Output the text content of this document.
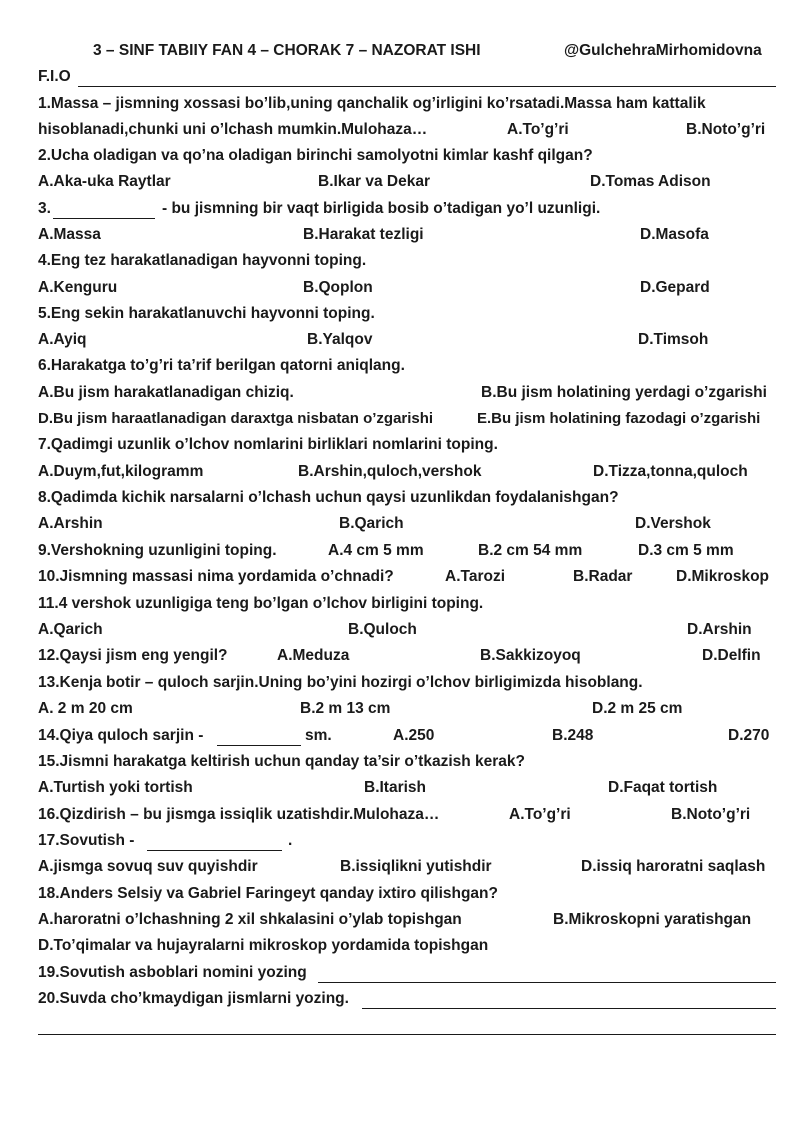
3 – SINF TABIIY FAN 4 – CHORAK 7 – NAZORAT ISHI	@GulchehraMirhomidovna
F.I.O
1.Massa – jismning xossasi bo’lib,uning qanchalik og’irligini ko’rsatadi.Massa ham kattalik
hisoblanadi,chunki uni o’lchash mumkin.Mulohaza…	A.To’g’ri	B.Noto’g’ri
2.Ucha oladigan va qo’na oladigan birinchi samolyotni kimlar kashf qilgan?
A.Aka-uka Raytlar	B.Ikar va Dekar	D.Tomas Adison
3.	- bu jismning bir vaqt birligida bosib o’tadigan yo’l uzunligi.
A.Massa	B.Harakat tezligi	D.Masofa
4.Eng tez harakatlanadigan hayvonni toping.
A.Kenguru	B.Qoplon	D.Gepard
5.Eng sekin harakatlanuvchi hayvonni toping.
A.Ayiq	B.Yalqov	D.Timsoh
6.Harakatga to’g’ri ta’rif berilgan qatorni aniqlang.
A.Bu jism harakatlanadigan chiziq.	B.Bu jism holatining yerdagi o’zgarishi
D.Bu jism haraatlanadigan daraxtga nisbatan o’zgarishi	E.Bu jism holatining fazodagi o’zgarishi
7.Qadimgi uzunlik o’lchov nomlarini birliklari nomlarini toping.
A.Duym,fut,kilogramm	B.Arshin,quloch,vershok	D.Tizza,tonna,quloch
8.Qadimda kichik narsalarni o’lchash uchun qaysi uzunlikdan foydalanishgan?
A.Arshin	B.Qarich	D.Vershok
9.Vershokning uzunligini toping.	A.4 cm 5 mm	B.2 cm 54 mm	D.3 cm 5 mm
10.Jismning massasi nima yordamida o’chnadi?	A.Tarozi	B.Radar	D.Mikroskop
11.4 vershok uzunligiga teng bo’lgan o’lchov birligini toping.
A.Qarich	B.Quloch	D.Arshin
12.Qaysi jism eng yengil?	A.Meduza	B.Sakkizoyoq	D.Delfin
13.Kenja botir – quloch sarjin.Uning bo’yini hozirgi o’lchov birligimizda hisoblang.
A. 2 m 20 cm	B.2 m 13 cm	D.2 m 25 cm
14.Qiya quloch sarjin -	sm.	A.250	B.248	D.270
15.Jismni harakatga keltirish uchun qanday ta’sir o’tkazish kerak?
A.Turtish yoki tortish	B.Itarish	D.Faqat tortish
16.Qizdirish – bu jismga issiqlik uzatishdir.Mulohaza…	A.To’g’ri	B.Noto’g’ri
17.Sovutish -	.
A.jismga sovuq suv quyishdir	B.issiqlikni yutishdir	D.issiq haroratni saqlash
18.Anders Selsiy va Gabriel Faringeyt qanday ixtiro qilishgan?
A.haroratni o’lchashning 2 xil shkalasini o’ylab topishgan	B.Mikroskopni yaratishgan
D.To’qimalar va hujayralarni mikroskop yordamida topishgan
19.Sovutish asboblari nomini yozing
20.Suvda cho’kmaydigan jismlarni yozing.
